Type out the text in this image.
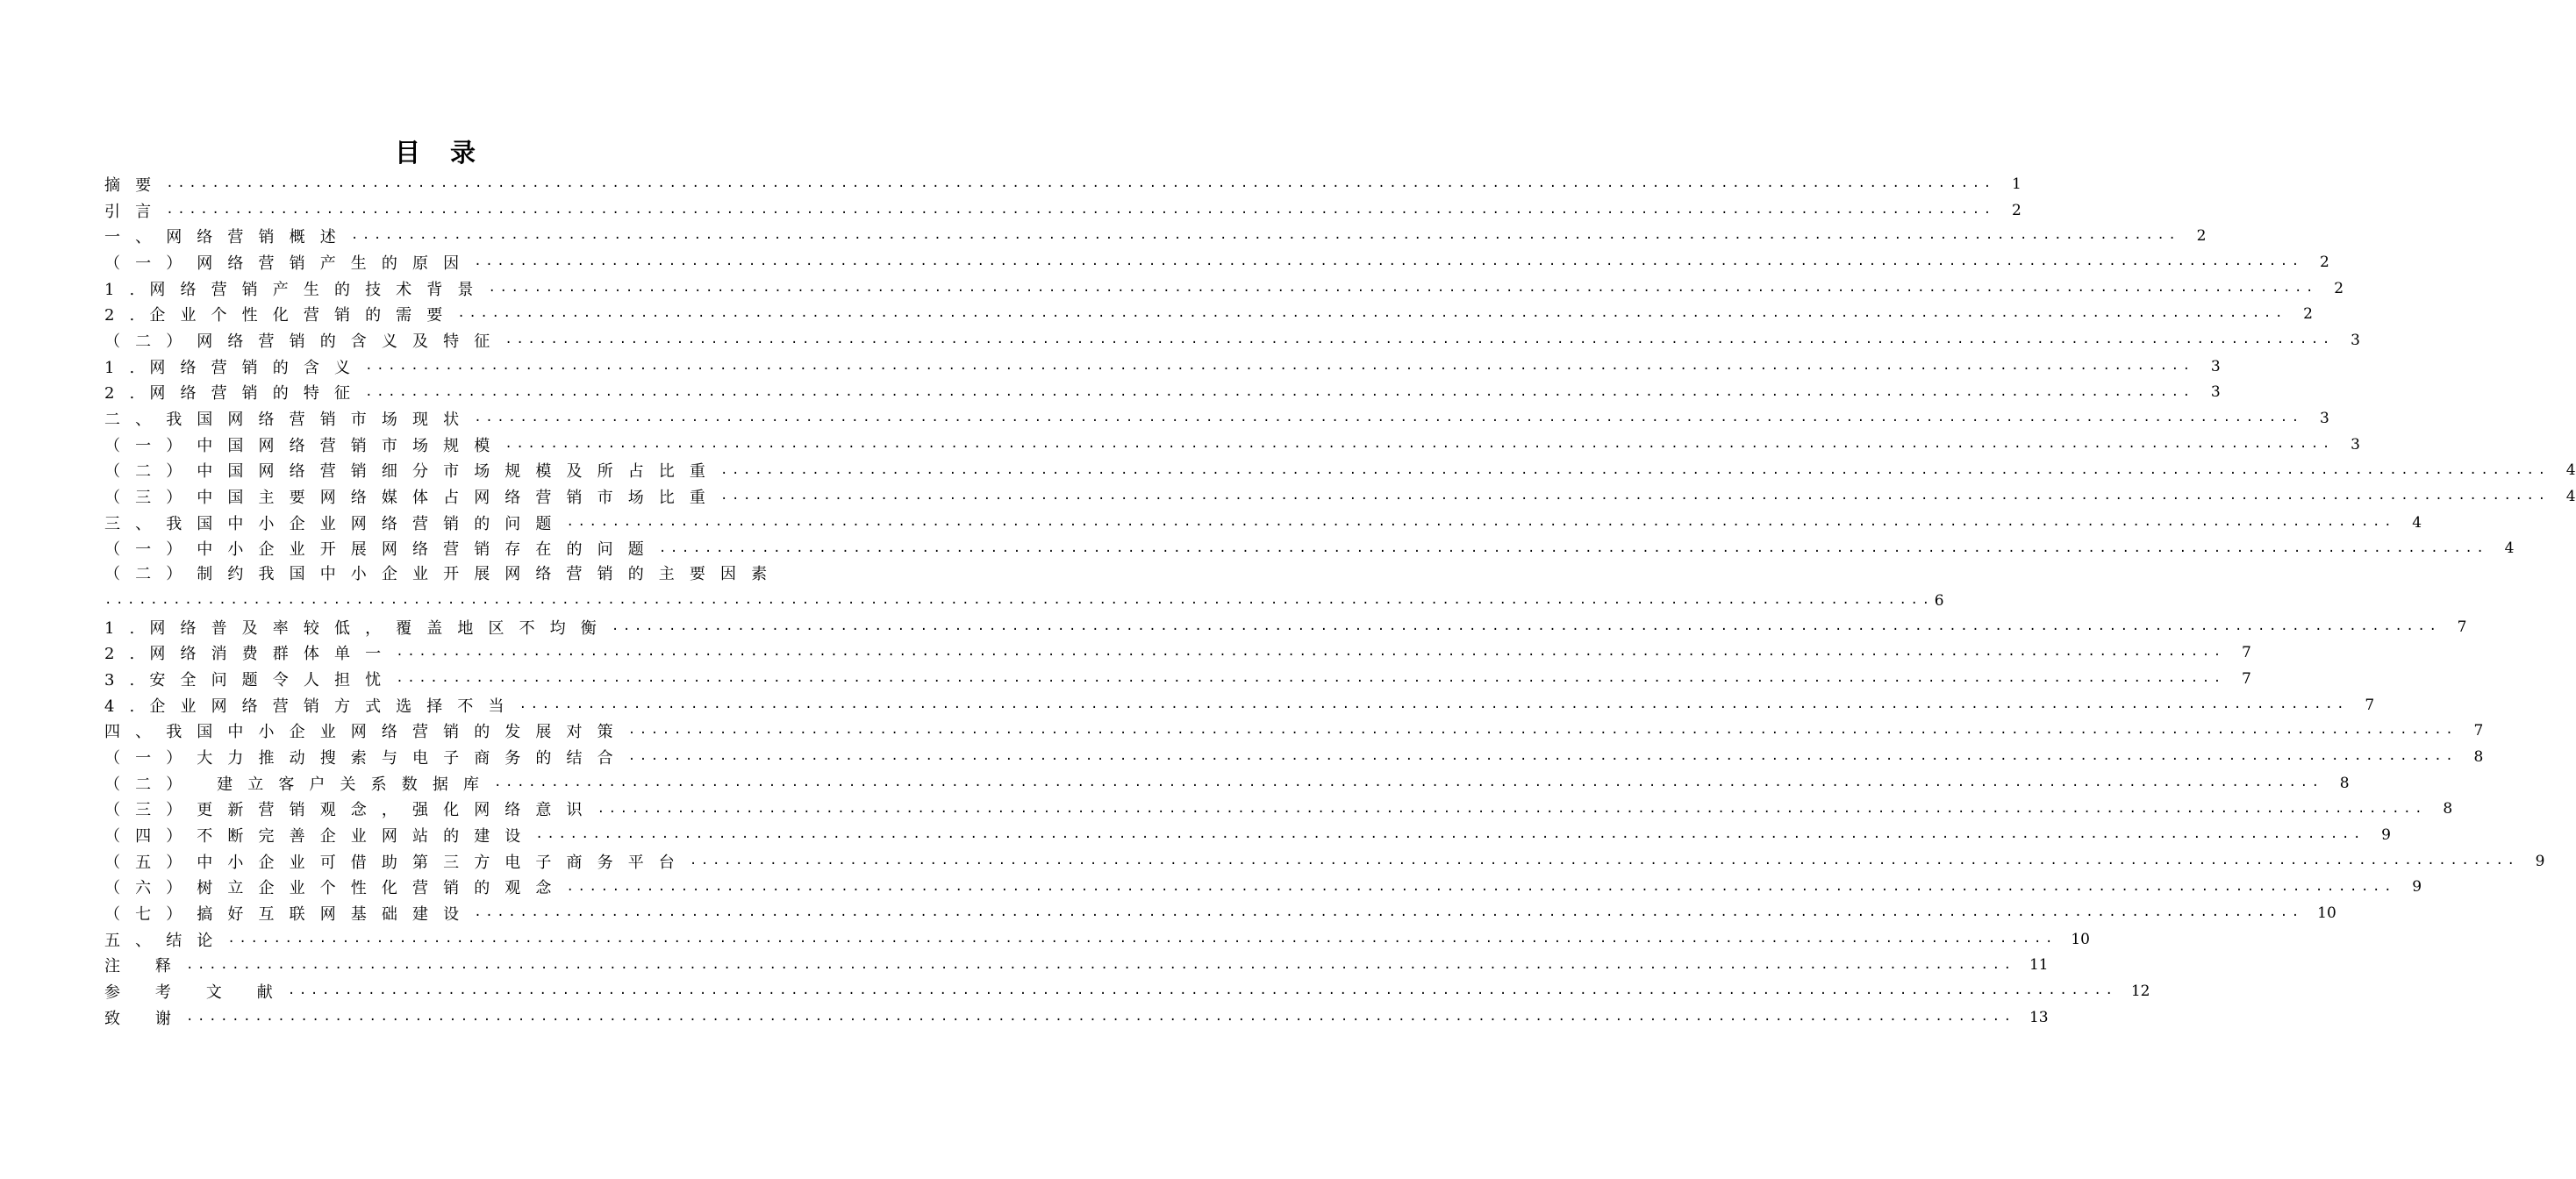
目 录
摘要 ................................................................................................................................................................	1
引言 ................................................................................................................................................................	2
一、网络营销概述 ................................................................................................................................................................	2
（一）网络营销产生的原因 ................................................................................................................................................................	2
1.网络营销产生的技术背景 ................................................................................................................................................................	2
2.企业个性化营销的需要 ................................................................................................................................................................	2
（二）网络营销的含义及特征 ................................................................................................................................................................	3
1.网络营销的含义 ................................................................................................................................................................	3
2.网络营销的特征 ................................................................................................................................................................	3
二、我国网络营销市场现状 ................................................................................................................................................................	3
（一）中国网络营销市场规模 ................................................................................................................................................................	3
（二）中国网络营销细分市场规模及所占比重 ................................................................................................................................................................	4
（三）中国主要网络媒体占网络营销市场比重 ................................................................................................................................................................	4
三、我国中小企业网络营销的问题 ................................................................................................................................................................	4
（一）中小企业开展网络营销存在的问题 ................................................................................................................................................................	4
（二）制约我国中小企业开展网络营销的主要因素
................................................................................................................................................................ 6
1.网络普及率较低，覆盖地区不均衡 ................................................................................................................................................................	7
2.网络消费群体单一 ................................................................................................................................................................	7
3.安全问题令人担忧 ................................................................................................................................................................	7
4.企业网络营销方式选择不当 ................................................................................................................................................................	7
四、我国中小企业网络营销的发展对策 ................................................................................................................................................................	7
（一）大力推动搜索与电子商务的结合 ................................................................................................................................................................	8
（二） 建立客户关系数据库 ................................................................................................................................................................	8
（三）更新营销观念，强化网络意识 ................................................................................................................................................................	8
（四）不断完善企业网站的建设 ................................................................................................................................................................	9
（五）中小企业可借助第三方电子商务平台 ................................................................................................................................................................	9
（六）树立企业个性化营销的观念 ................................................................................................................................................................	9
（七）搞好互联网基础建设 ................................................................................................................................................................ 10
五、结论 ................................................................................................................................................................ 10
注 释 ................................................................................................................................................................ 11
参 考 文 献 ................................................................................................................................................................ 12
致 谢 ................................................................................................................................................................ 13
